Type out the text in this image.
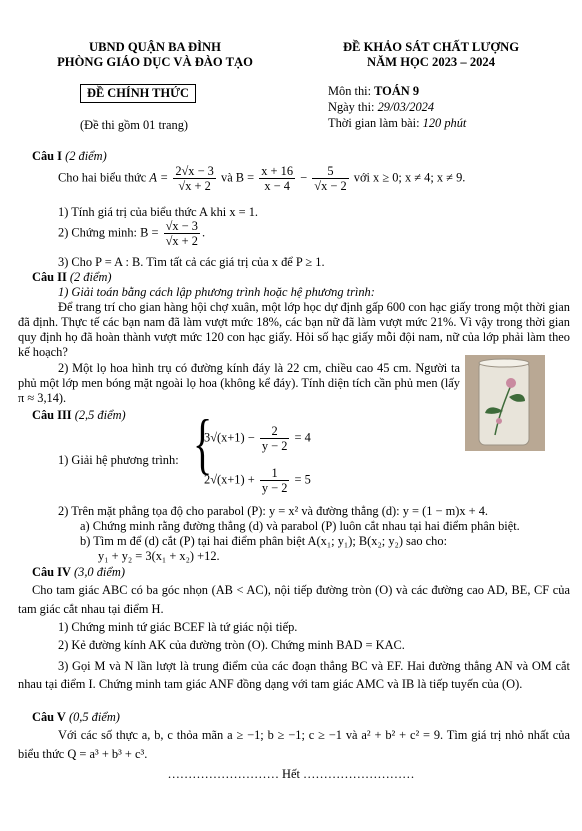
UBND QUẬN BA ĐÌNH
PHÒNG GIÁO DỤC VÀ ĐÀO TẠO
ĐỀ KHẢO SÁT CHẤT LƯỢNG
NĂM HỌC 2023 – 2024
ĐỀ CHÍNH THỨC
(Đề thi gồm 01 trang)
Môn thi: TOÁN 9
Ngày thi: 29/03/2024
Thời gian làm bài: 120 phút
Câu I (2 điểm)
Cho hai biểu thức $A = \frac{2√x - 3}{√x + 2}$ và $B = \frac{x + 16}{x - 4} - \frac{5}{√x - 2}$ với x ≥ 0; x ≠ 4; x ≠ 9.
1) Tính giá trị của biểu thức A khi x = 1.
2) Chứng minh: $B = \frac{√x - 3}{√x + 2}$ .
3) Cho P = A : B. Tìm tất cả các giá trị của x để P ≥ 1.
Câu II (2 điểm)
1) Giải toán bằng cách lập phương trình hoặc hệ phương trình:
Để trang trí cho gian hàng hội chợ xuân, một lớp học dự định gấp 600 con hạc giấy trong một thời gian đã định. Thực tế các bạn nam đã làm vượt mức 18%, các bạn nữ đã làm vượt mức 21%. Vì vậy trong thời gian quy định họ đã hoàn thành vượt mức 120 con hạc giấy. Hỏi số hạc giấy mỗi đội nam, nữ của lớp phải làm theo kế hoạch?
2) Một lọ hoa hình trụ có đường kính đáy là 22 cm, chiều cao 45 cm. Người ta phủ một lớp men bóng mặt ngoài lọ hoa (không kể đáy). Tính diện tích cần phủ men (lấy π ≈ 3,14).
Câu III (2,5 điểm)
1) Giải hệ phương trình: {
$3√(x+1) - \frac{2}{y - 2} = 4$
$2√(x+1) + \frac{1}{y - 2} = 5$
2) Trên mặt phẳng tọa độ cho parabol (P): y = x² và đường thẳng (d): y = (1 − m)x + 4.
a) Chứng minh rằng đường thẳng (d) và parabol (P) luôn cắt nhau tại hai điểm phân biệt.
b) Tìm m để (d) cắt (P) tại hai điểm phân biệt A(x₁; y₁); B(x₂; y₂) sao cho:
y₁ + y₂ = 3(x₁ + x₂) +12.
Câu IV (3,0 điểm)
Cho tam giác ABC có ba góc nhọn (AB < AC), nội tiếp đường tròn (O) và các đường cao AD, BE, CF của tam giác cắt nhau tại điểm H.
1) Chứng minh tứ giác BCEF là tứ giác nội tiếp.
2) Kẻ đường kính AK của đường tròn (O). Chứng minh BAD = KAC.
3) Gọi M và N lần lượt là trung điểm của các đoạn thẳng BC và EF. Hai đường thẳng AN và OM cắt nhau tại điểm I. Chứng minh tam giác ANF đồng dạng với tam giác AMC và IB là tiếp tuyến của (O).
Câu V (0,5 điểm)
Với các số thực a, b, c thỏa mãn a ≥ −1; b ≥ −1; c ≥ −1 và a² + b² + c² = 9. Tìm giá trị nhỏ nhất của biểu thức Q = a³ + b³ + c³.
……………………… Hết ………………………
